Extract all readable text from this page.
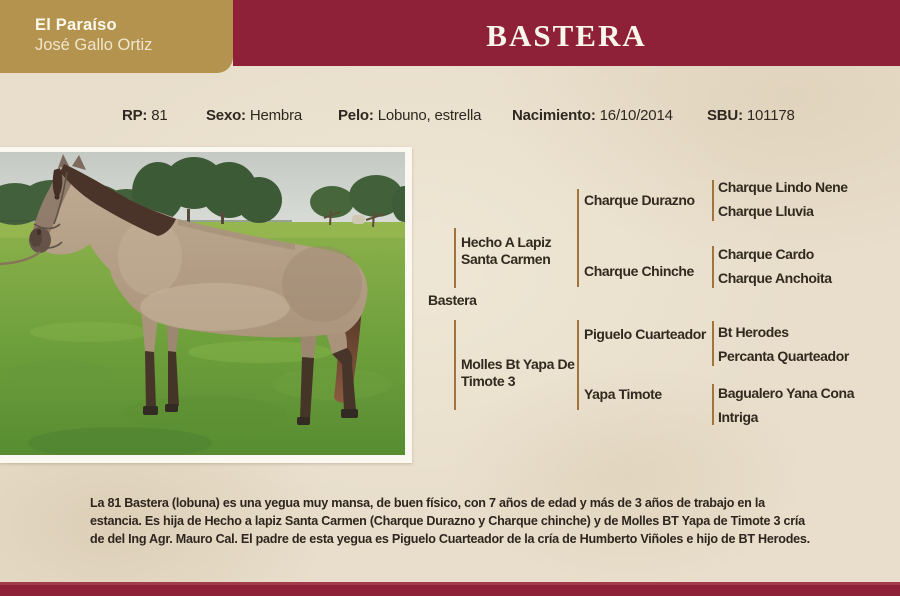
El Paraíso
José Gallo Ortiz	BASTERA
RP: 81	Sexo: Hembra Pelo: Lobuno, estrella Nacimiento: 16/10/2014 SBU: 101178
Bastera
Hecho A Lapiz Santa Carmen
Molles Bt Yapa De Timote 3
Charque Durazno
Charque Chinche
Piguelo Cuarteador
Yapa Timote
Charque Lindo Nene
Charque Lluvia
Charque Cardo
Charque Anchoita
Bt Herodes
Percanta Quarteador
Bagualero Yana Cona
Intriga

La 81 Bastera (lobuna) es una yegua muy mansa, de buen físico, con 7 años de edad y más de 3 años de trabajo en la estancia. Es hija de Hecho a lapiz Santa Carmen (Charque Durazno y Charque chinche) y de Molles BT Yapa de Timote 3 cría de del Ing Agr. Mauro Cal. El padre de esta yegua es Piguelo Cuarteador de la cría de Humberto Viñoles e hijo de BT Herodes.
